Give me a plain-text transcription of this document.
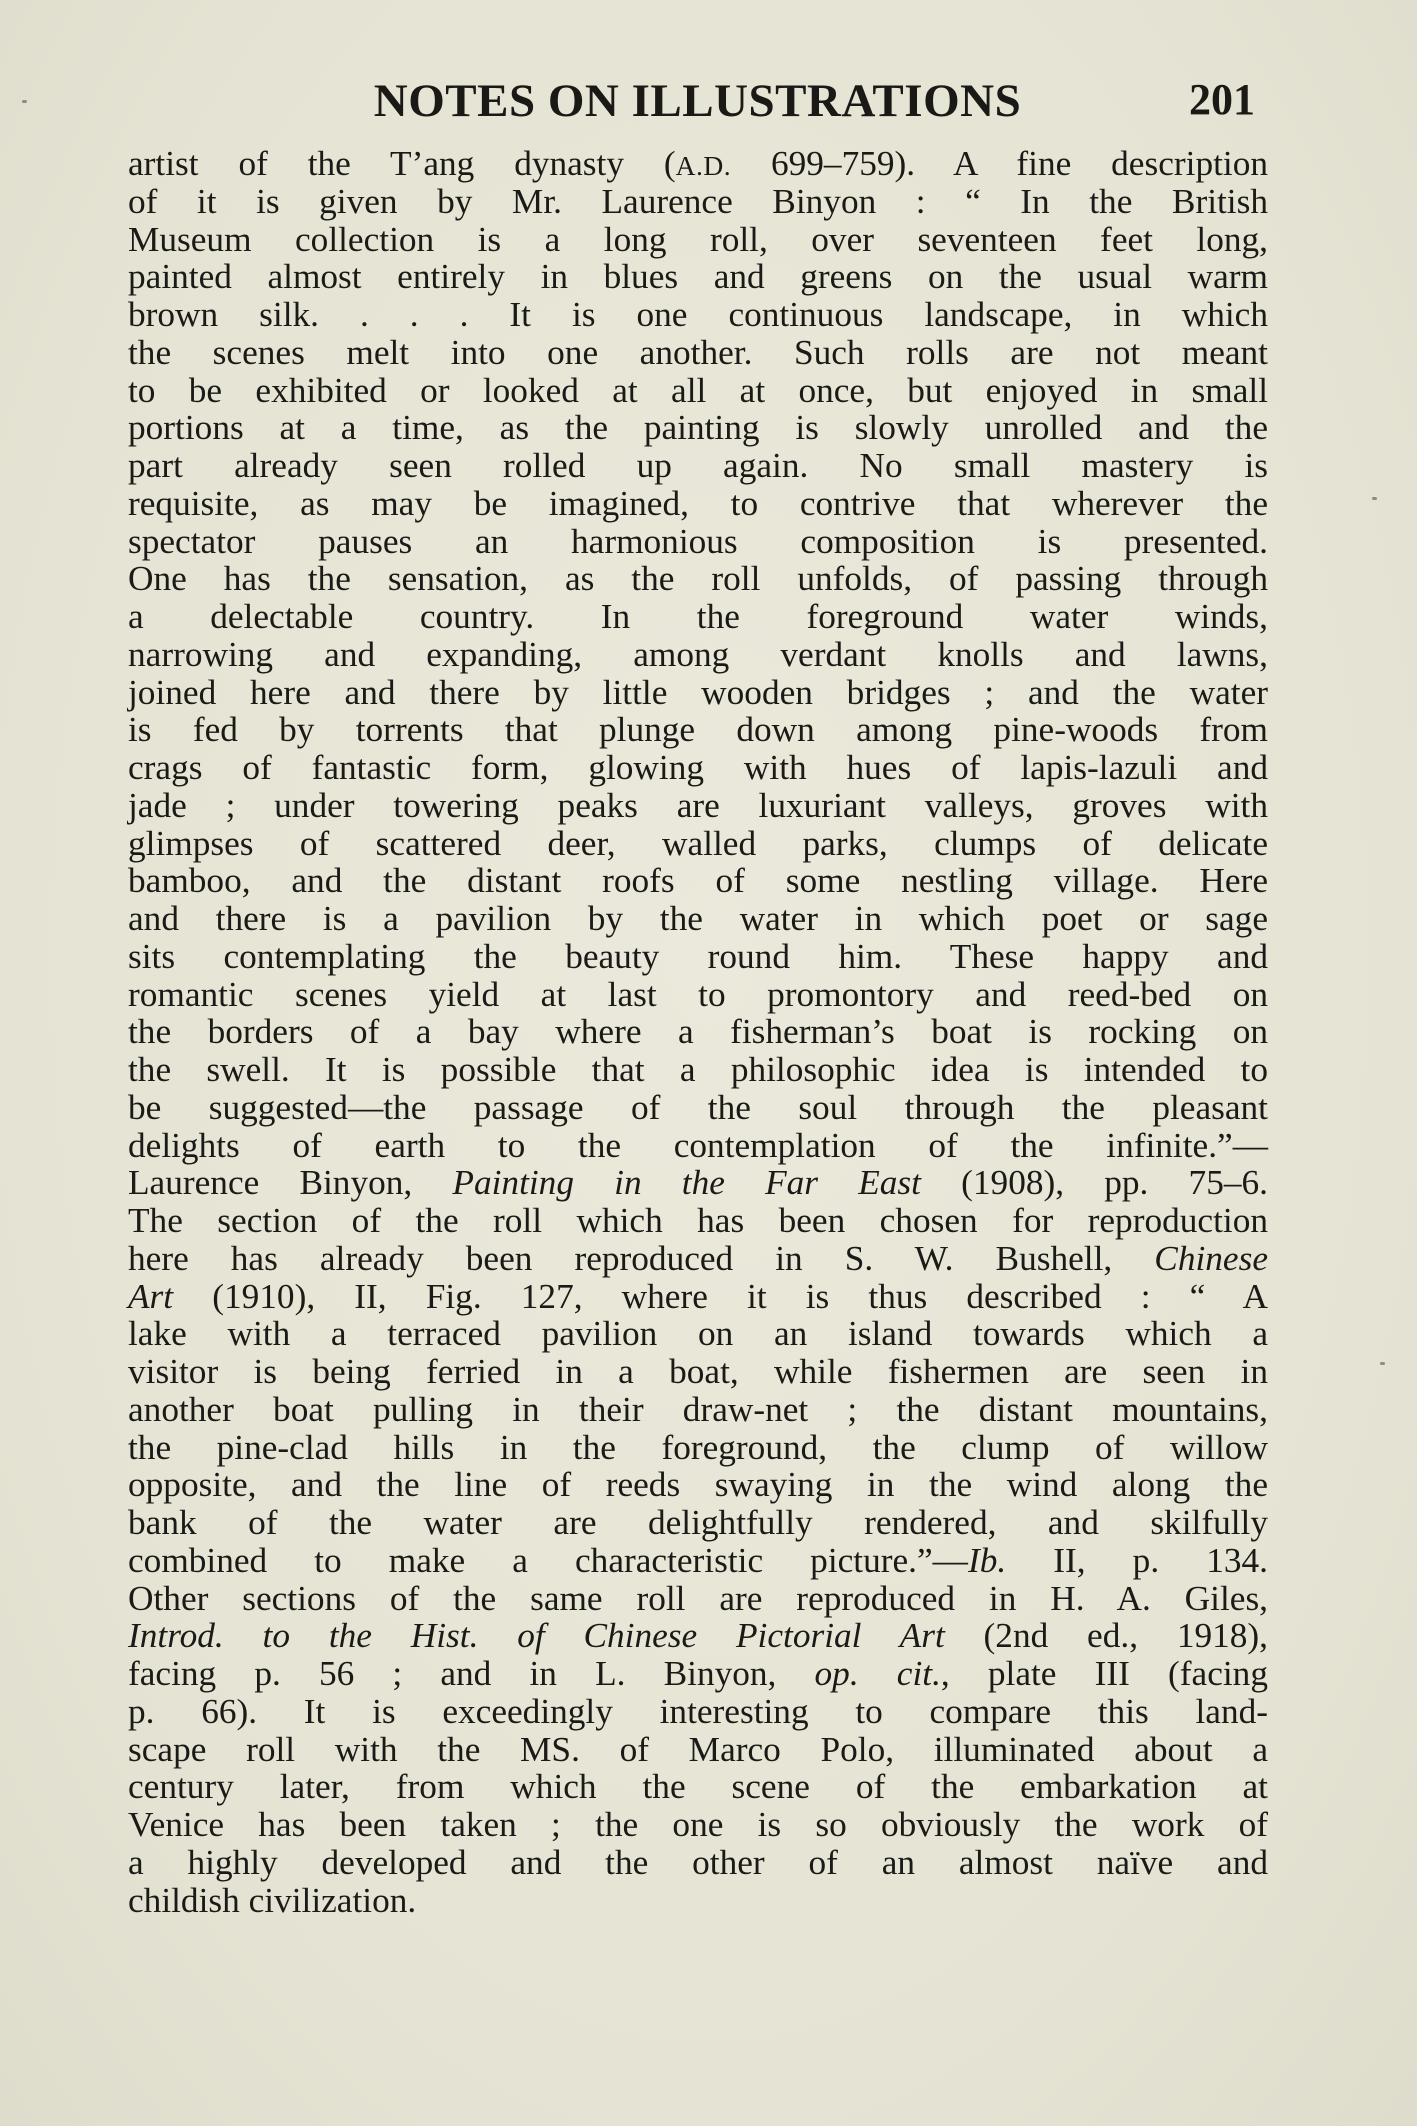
NOTES ON ILLUSTRATIONS	201
artist of the T’ang dynasty (A.D. 699–759). A fine description
of it is given by Mr. Laurence Binyon : “ In the British
Museum collection is a long roll, over seventeen feet long,
painted almost entirely in blues and greens on the usual warm
brown silk. . . . It is one continuous landscape, in which
the scenes melt into one another. Such rolls are not meant
to be exhibited or looked at all at once, but enjoyed in small
portions at a time, as the painting is slowly unrolled and the
part already seen rolled up again. No small mastery is
requisite, as may be imagined, to contrive that wherever the
spectator pauses an harmonious composition is presented.
One has the sensation, as the roll unfolds, of passing through
a delectable country. In the foreground water winds,
narrowing and expanding, among verdant knolls and lawns,
joined here and there by little wooden bridges ; and the water
is fed by torrents that plunge down among pine-woods from
crags of fantastic form, glowing with hues of lapis-lazuli and
jade ; under towering peaks are luxuriant valleys, groves with
glimpses of scattered deer, walled parks, clumps of delicate
bamboo, and the distant roofs of some nestling village. Here
and there is a pavilion by the water in which poet or sage
sits contemplating the beauty round him. These happy and
romantic scenes yield at last to promontory and reed-bed on
the borders of a bay where a fisherman’s boat is rocking on
the swell. It is possible that a philosophic idea is intended to
be suggested—the passage of the soul through the pleasant
delights of earth to the contemplation of the infinite.”—
Laurence Binyon, Painting in the Far East (1908), pp. 75–6.
The section of the roll which has been chosen for reproduction
here has already been reproduced in S. W. Bushell, Chinese
Art (1910), II, Fig. 127, where it is thus described : “ A
lake with a terraced pavilion on an island towards which a
visitor is being ferried in a boat, while fishermen are seen in
another boat pulling in their draw-net ; the distant mountains,
the pine-clad hills in the foreground, the clump of willow
opposite, and the line of reeds swaying in the wind along the
bank of the water are delightfully rendered, and skilfully
combined to make a characteristic picture.”—Ib. II, p. 134.
Other sections of the same roll are reproduced in H. A. Giles,
Introd. to the Hist. of Chinese Pictorial Art (2nd ed., 1918),
facing p. 56 ; and in L. Binyon, op. cit., plate III (facing
p. 66). It is exceedingly interesting to compare this land-
scape roll with the MS. of Marco Polo, illuminated about a
century later, from which the scene of the embarkation at
Venice has been taken ; the one is so obviously the work of
a highly developed and the other of an almost naïve and
childish civilization.
